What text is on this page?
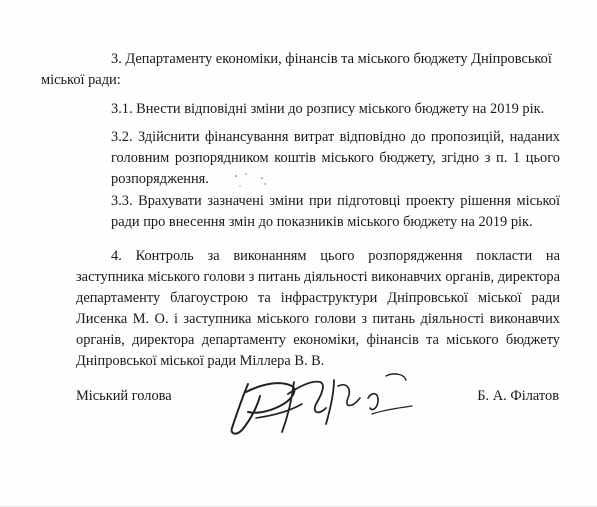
3. Департаменту економіки, фінансів та міського бюджету Дніпровської
міської ради:

3.1. Внести відповідні зміни до розпису міського бюджету на 2019 рік.

3.2. Здійснити фінансування витрат відповідно до пропозицій, наданих головним розпорядником коштів міського бюджету, згідно з п. 1 цього розпорядження.

3.3. Врахувати зазначені зміни при підготовці проекту рішення міської ради про внесення змін до показників міського бюджету на 2019 рік.

4. Контроль за виконанням цього розпорядження покласти на заступника міського голови з питань діяльності виконавчих органів, директора департаменту благоустрою та інфраструктури Дніпровської міської ради Лисенка М. О. і заступника міського голови з питань діяльності виконавчих органів, директора департаменту економіки, фінансів та міського бюджету Дніпровської міської ради Міллера В. В.

Міський голова	Б. А. Філатов
